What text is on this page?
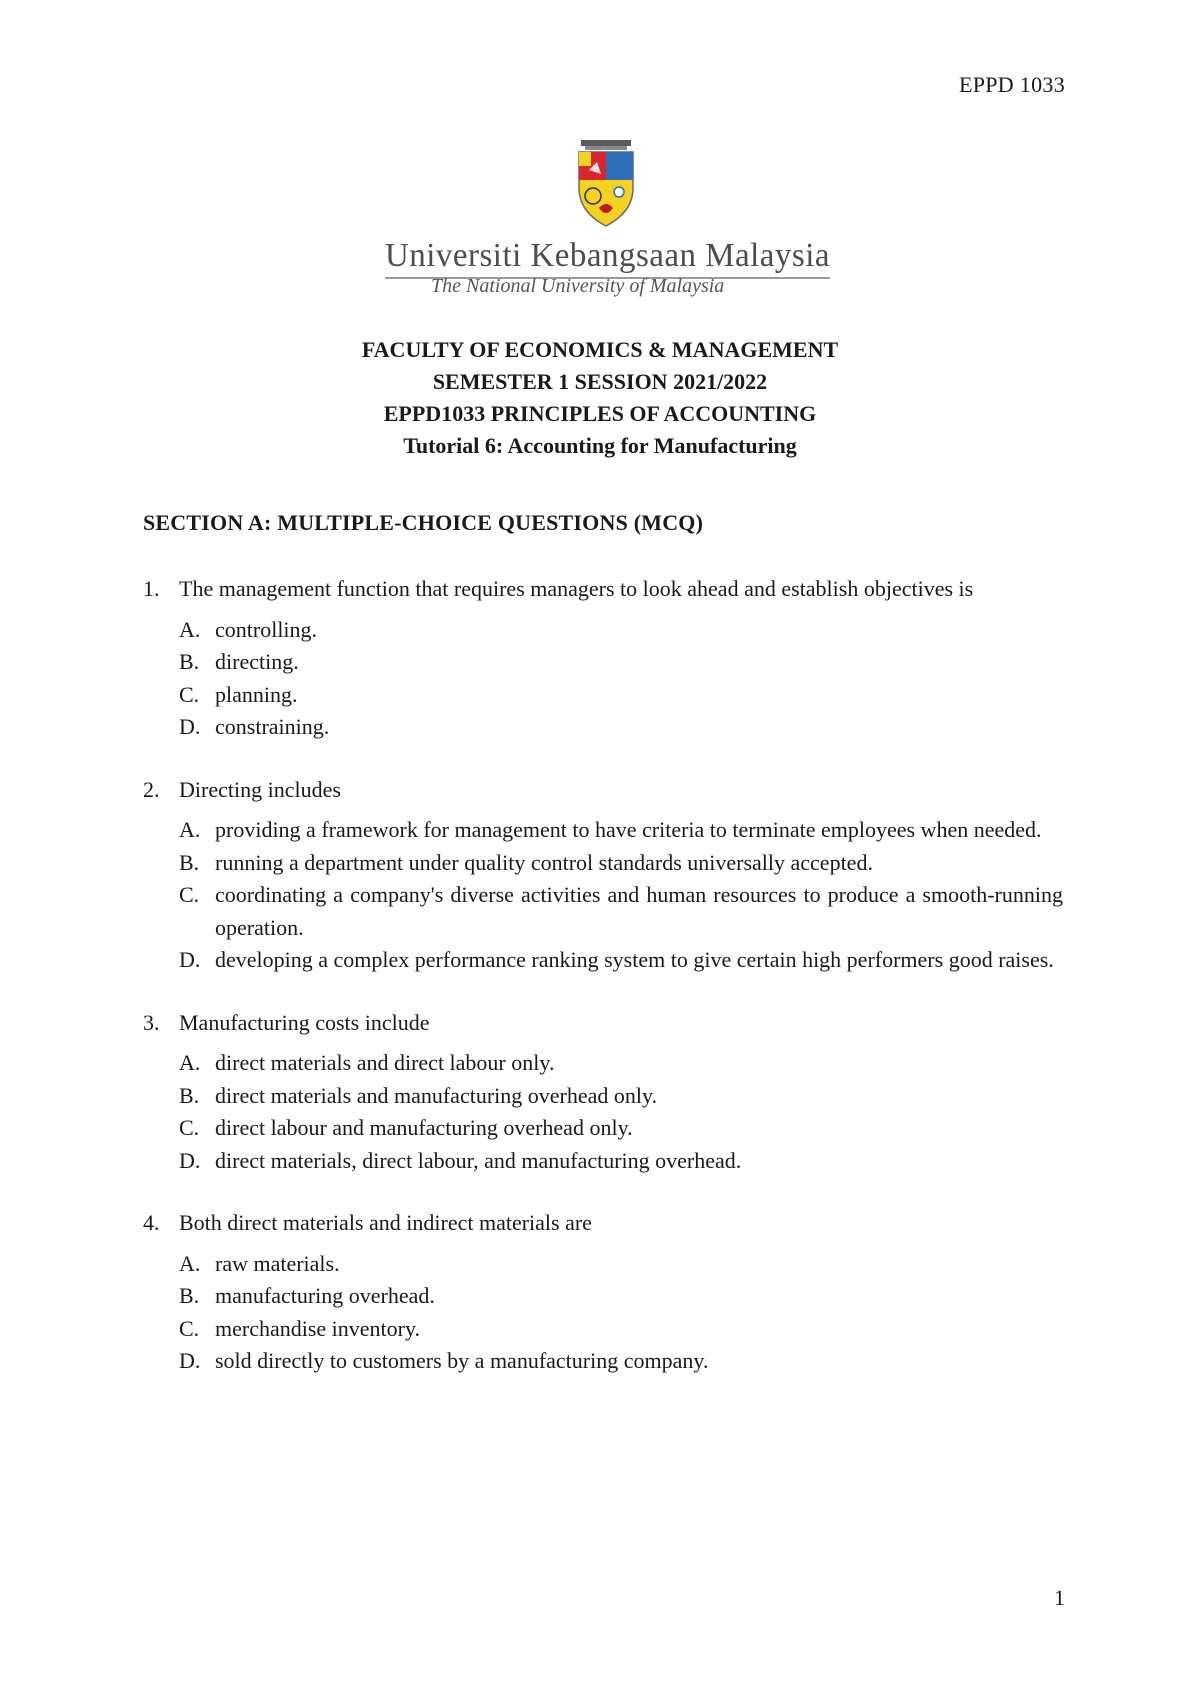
EPPD 1033
Universiti Kebangsaan Malaysia
The National University of Malaysia
FACULTY OF ECONOMICS & MANAGEMENT
SEMESTER 1 SESSION 2021/2022
EPPD1033 PRINCIPLES OF ACCOUNTING
Tutorial 6: Accounting for Manufacturing
SECTION A: MULTIPLE-CHOICE QUESTIONS (MCQ)
1. The management function that requires managers to look ahead and establish objectives is
A. controlling.
B. directing.
C. planning.
D. constraining.
2. Directing includes
A. providing a framework for management to have criteria to terminate employees when needed.
B. running a department under quality control standards universally accepted.
C. coordinating a company's diverse activities and human resources to produce a smooth-running operation.
D. developing a complex performance ranking system to give certain high performers good raises.
3. Manufacturing costs include
A. direct materials and direct labour only.
B. direct materials and manufacturing overhead only.
C. direct labour and manufacturing overhead only.
D. direct materials, direct labour, and manufacturing overhead.
4. Both direct materials and indirect materials are
A. raw materials.
B. manufacturing overhead.
C. merchandise inventory.
D. sold directly to customers by a manufacturing company.
1
